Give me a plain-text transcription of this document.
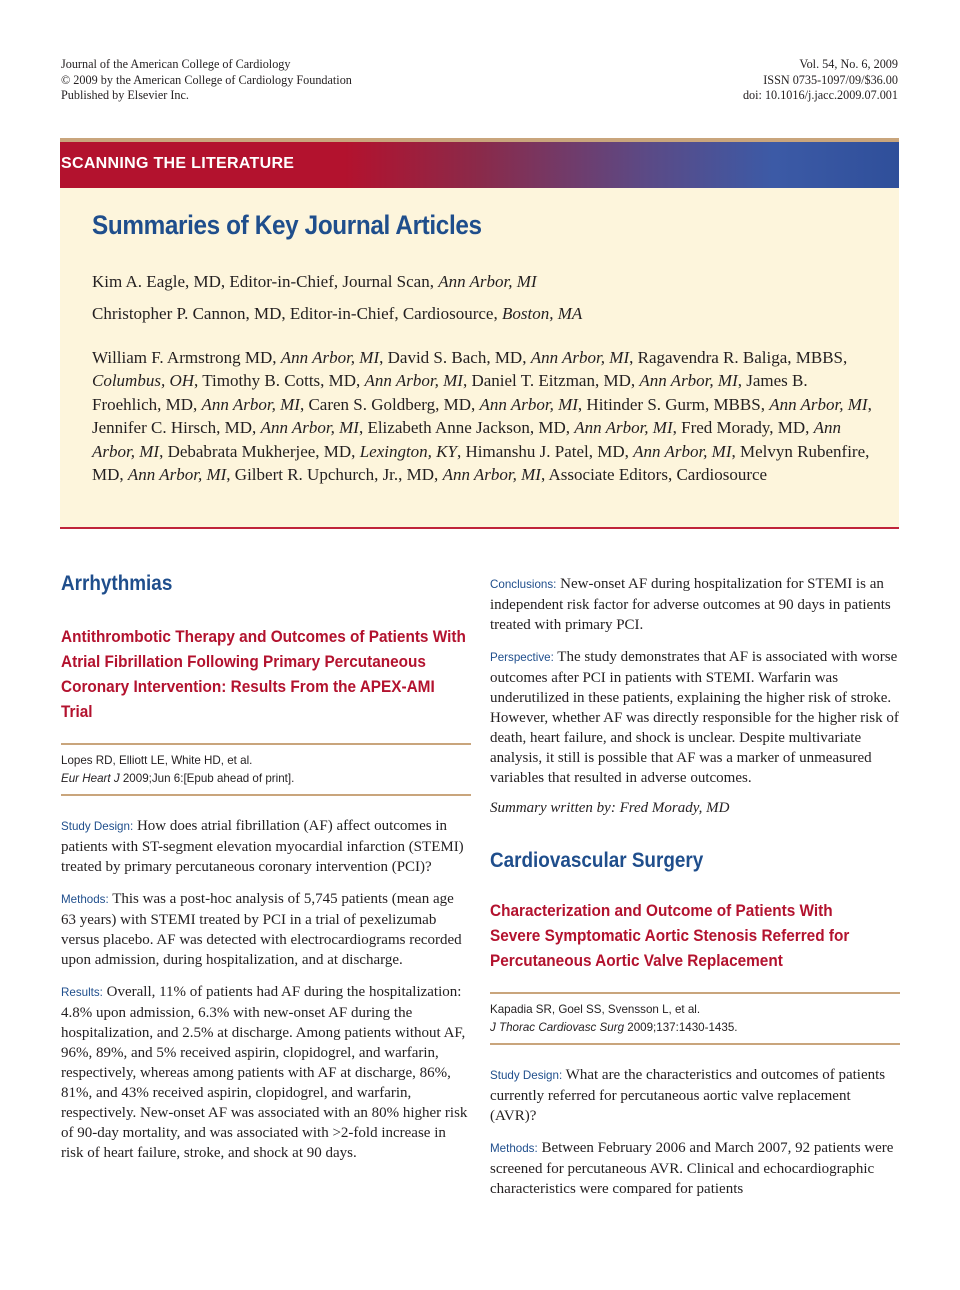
Journal of the American College of Cardiology
© 2009 by the American College of Cardiology Foundation
Published by Elsevier Inc.
Vol. 54, No. 6, 2009
ISSN 0735-1097/09/$36.00
doi: 10.1016/j.jacc.2009.07.001
SCANNING THE LITERATURE
Summaries of Key Journal Articles
Kim A. Eagle, MD, Editor-in-Chief, Journal Scan, Ann Arbor, MI
Christopher P. Cannon, MD, Editor-in-Chief, Cardiosource, Boston, MA
William F. Armstrong MD, Ann Arbor, MI, David S. Bach, MD, Ann Arbor, MI, Ragavendra R. Baliga, MBBS, Columbus, OH, Timothy B. Cotts, MD, Ann Arbor, MI, Daniel T. Eitzman, MD, Ann Arbor, MI, James B. Froehlich, MD, Ann Arbor, MI, Caren S. Goldberg, MD, Ann Arbor, MI, Hitinder S. Gurm, MBBS, Ann Arbor, MI, Jennifer C. Hirsch, MD, Ann Arbor, MI, Elizabeth Anne Jackson, MD, Ann Arbor, MI, Fred Morady, MD, Ann Arbor, MI, Debabrata Mukherjee, MD, Lexington, KY, Himanshu J. Patel, MD, Ann Arbor, MI, Melvyn Rubenfire, MD, Ann Arbor, MI, Gilbert R. Upchurch, Jr., MD, Ann Arbor, MI, Associate Editors, Cardiosource
Arrhythmias
Antithrombotic Therapy and Outcomes of Patients With Atrial Fibrillation Following Primary Percutaneous Coronary Intervention: Results From the APEX-AMI Trial
Lopes RD, Elliott LE, White HD, et al.
Eur Heart J 2009;Jun 6:[Epub ahead of print].

Study Design: How does atrial fibrillation (AF) affect outcomes in patients with ST-segment elevation myocardial infarction (STEMI) treated by primary percutaneous coronary intervention (PCI)?

Methods: This was a post-hoc analysis of 5,745 patients (mean age 63 years) with STEMI treated by PCI in a trial of pexelizumab versus placebo. AF was detected with electrocardiograms recorded upon admission, during hospitalization, and at discharge.

Results: Overall, 11% of patients had AF during the hospitalization: 4.8% upon admission, 6.3% with new-onset AF during the hospitalization, and 2.5% at discharge. Among patients without AF, 96%, 89%, and 5% received aspirin, clopidogrel, and warfarin, respectively, whereas among patients with AF at discharge, 86%, 81%, and 43% received aspirin, clopidogrel, and warfarin, respectively. New-onset AF was associated with an 80% higher risk of 90-day mortality, and was associated with >2-fold increase in risk of heart failure, stroke, and shock at 90 days.

Conclusions: New-onset AF during hospitalization for STEMI is an independent risk factor for adverse outcomes at 90 days in patients treated with primary PCI.

Perspective: The study demonstrates that AF is associated with worse outcomes after PCI in patients with STEMI. Warfarin was underutilized in these patients, explaining the higher risk of stroke. However, whether AF was directly responsible for the higher risk of death, heart failure, and shock is unclear. Despite multivariate analysis, it still is possible that AF was a marker of unmeasured variables that resulted in adverse outcomes.

Summary written by: Fred Morady, MD
Cardiovascular Surgery
Characterization and Outcome of Patients With Severe Symptomatic Aortic Stenosis Referred for Percutaneous Aortic Valve Replacement
Kapadia SR, Goel SS, Svensson L, et al.
J Thorac Cardiovasc Surg 2009;137:1430-1435.

Study Design: What are the characteristics and outcomes of patients currently referred for percutaneous aortic valve replacement (AVR)?

Methods: Between February 2006 and March 2007, 92 patients were screened for percutaneous AVR. Clinical and echocardiographic characteristics were compared for patients
